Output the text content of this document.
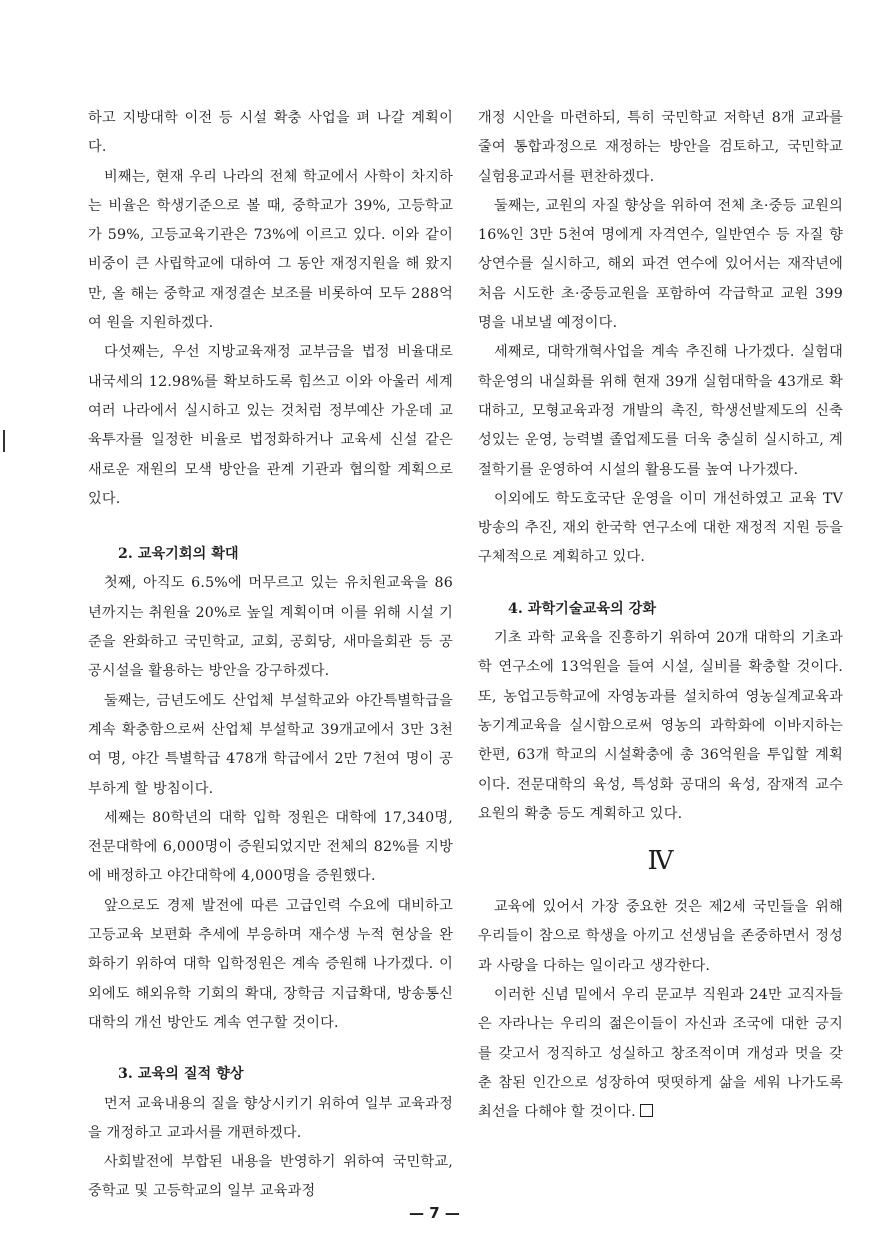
하고 지방대학 이전 등 시설 확충 사업을 펴 나갈 계획이다.

비째는, 현재 우리 나라의 전체 학교에서 사학이 차지하는 비율은 학생기준으로 볼 때, 중학교가 39%, 고등학교가 59%, 고등교육기관은 73%에 이르고 있다. 이와 같이 비중이 큰 사립학교에 대하여 그 동안 재정지원을 해 왔지만, 올 해는 중학교 재정결손 보조를 비롯하여 모두 288억여 원을 지원하겠다.

다섯째는, 우선 지방교육재정 교부금을 법정 비율대로 내국세의 12.98%를 확보하도록 힘쓰고 이와 아울러 세계 여러 나라에서 실시하고 있는 것처럼 정부예산 가운데 교육투자를 일정한 비율로 법정화하거나 교육세 신설 같은 새로운 재원의 모색 방안을 관계 기관과 협의할 계획으로 있다.

2. 교육기회의 확대

첫째, 아직도 6.5%에 머무르고 있는 유치원교육을 86년까지는 취원율 20%로 높일 계획이며 이를 위해 시설 기준을 완화하고 국민학교, 교회, 공회당, 새마을회관 등 공공시설을 활용하는 방안을 강구하겠다.

둘째는, 금년도에도 산업체 부설학교와 야간특별학급을 계속 확충함으로써 산업체 부설학교 39개교에서 3만 3천여 명, 야간 특별학급 478개 학급에서 2만 7천여 명이 공부하게 할 방침이다.

세째는 80학년의 대학 입학 정원은 대학에 17,340명, 전문대학에 6,000명이 증원되었지만 전체의 82%를 지방에 배정하고 야간대학에 4,000명을 증원했다.

앞으로도 경제 발전에 따른 고급인력 수요에 대비하고 고등교육 보편화 추세에 부응하며 재수생 누적 현상을 완화하기 위하여 대학 입학정원은 계속 증원해 나가겠다. 이외에도 해외유학 기회의 확대, 장학금 지급확대, 방송통신대학의 개선 방안도 계속 연구할 것이다.

3. 교육의 질적 향상

먼저 교육내용의 질을 향상시키기 위하여 일부 교육과정을 개정하고 교과서를 개편하겠다.

사회발전에 부합된 내용을 반영하기 위하여 국민학교, 중학교 및 고등학교의 일부 교육과정

개정 시안을 마련하되, 특히 국민학교 저학년 8개 교과를 줄여 통합과정으로 재정하는 방안을 검토하고, 국민학교 실험용교과서를 편찬하겠다.

둘째는, 교원의 자질 향상을 위하여 전체 초·중등 교원의 16%인 3만 5천여 명에게 자격연수, 일반연수 등 자질 향상연수를 실시하고, 해외 파견 연수에 있어서는 재작년에 처음 시도한 초·중등교원을 포함하여 각급학교 교원 399명을 내보낼 예정이다.

세째로, 대학개혁사업을 계속 추진해 나가겠다. 실험대학운영의 내실화를 위해 현재 39개 실험대학을 43개로 확대하고, 모형교육과정 개발의 촉진, 학생선발제도의 신축성있는 운영, 능력별 졸업제도를 더욱 충실히 실시하고, 계절학기를 운영하여 시설의 활용도를 높여 나가겠다.

이외에도 학도호국단 운영을 이미 개선하였고 교육 TV방송의 추진, 재외 한국학 연구소에 대한 재정적 지원 등을 구체적으로 계획하고 있다.

4. 과학기술교육의 강화

기초 과학 교육을 진흥하기 위하여 20개 대학의 기초과학 연구소에 13억원을 들여 시설, 실비를 확충할 것이다. 또, 농업고등학교에 자영농과를 설치하여 영농실계교육과 농기계교육을 실시함으로써 영농의 과학화에 이바지하는 한편, 63개 학교의 시설확충에 총 36억원을 투입할 계획이다. 전문대학의 육성, 특성화 공대의 육성, 잠재적 교수요원의 확충 등도 계획하고 있다.

Ⅳ

교육에 있어서 가장 중요한 것은 제2세 국민들을 위해 우리들이 참으로 학생을 아끼고 선생님을 존중하면서 정성과 사랑을 다하는 일이라고 생각한다.

이러한 신념 밑에서 우리 문교부 직원과 24만 교직자들은 자라나는 우리의 젊은이들이 자신과 조국에 대한 긍지를 갖고서 정직하고 성실하고 창조적이며 개성과 멋을 갖춘 참된 인간으로 성장하여 떳떳하게 삶을 세워 나가도록 최선을 다해야 할 것이다.

— 7 —
